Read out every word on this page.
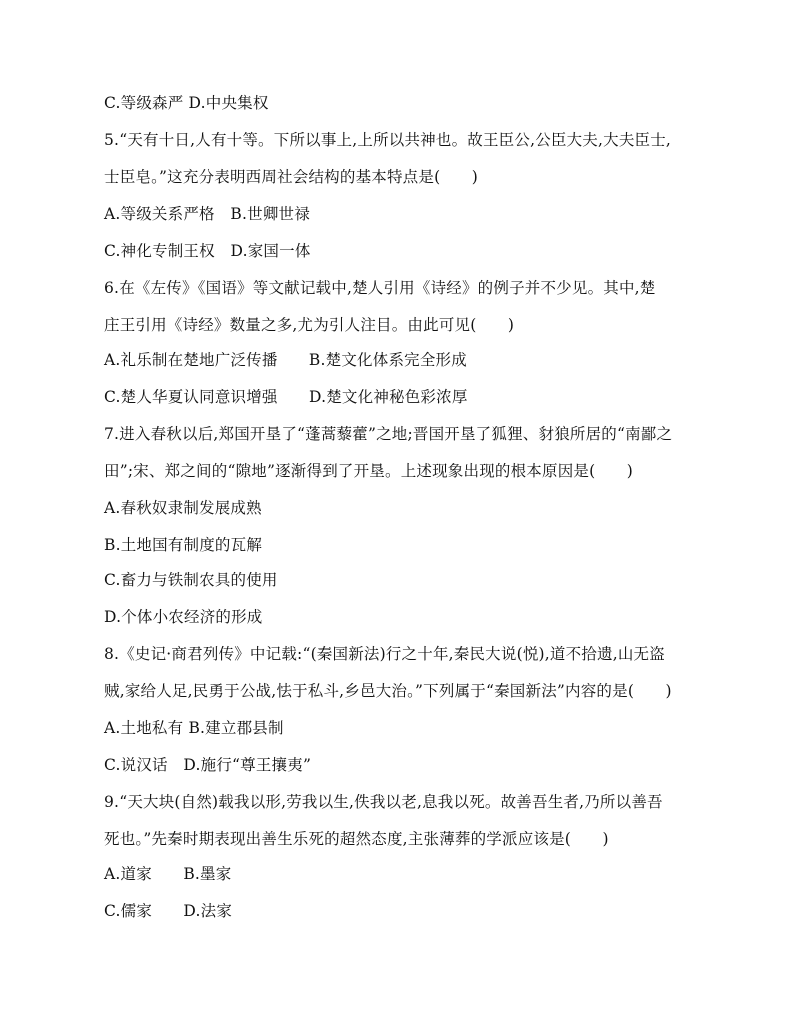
C.等级森严 D.中央集权
5.“天有十日,人有十等。下所以事上,上所以共神也。故王臣公,公臣大夫,大夫臣士,
士臣皂。”这充分表明西周社会结构的基本特点是(　　)
A.等级关系严格　B.世卿世禄
C.神化专制王权　D.家国一体
6.在《左传》《国语》等文献记载中,楚人引用《诗经》的例子并不少见。其中,楚
庄王引用《诗经》数量之多,尤为引人注目。由此可见(　　)
A.礼乐制在楚地广泛传播　　B.楚文化体系完全形成
C.楚人华夏认同意识增强　　D.楚文化神秘色彩浓厚
7.进入春秋以后,郑国开垦了“蓬蒿藜藿”之地;晋国开垦了狐狸、豺狼所居的“南鄙之
田”;宋、郑之间的“隙地”逐渐得到了开垦。上述现象出现的根本原因是(　　)
A.春秋奴隶制发展成熟
B.土地国有制度的瓦解
C.畜力与铁制农具的使用
D.个体小农经济的形成
8.《史记·商君列传》中记载:“(秦国新法)行之十年,秦民大说(悦),道不拾遗,山无盗
贼,家给人足,民勇于公战,怯于私斗,乡邑大治。”下列属于“秦国新法”内容的是(　　)
A.土地私有 B.建立郡县制
C.说汉话　D.施行“尊王攘夷”
9.“天大块(自然)载我以形,劳我以生,佚我以老,息我以死。故善吾生者,乃所以善吾
死也。”先秦时期表现出善生乐死的超然态度,主张薄葬的学派应该是(　　)
A.道家　　B.墨家
C.儒家　　D.法家
